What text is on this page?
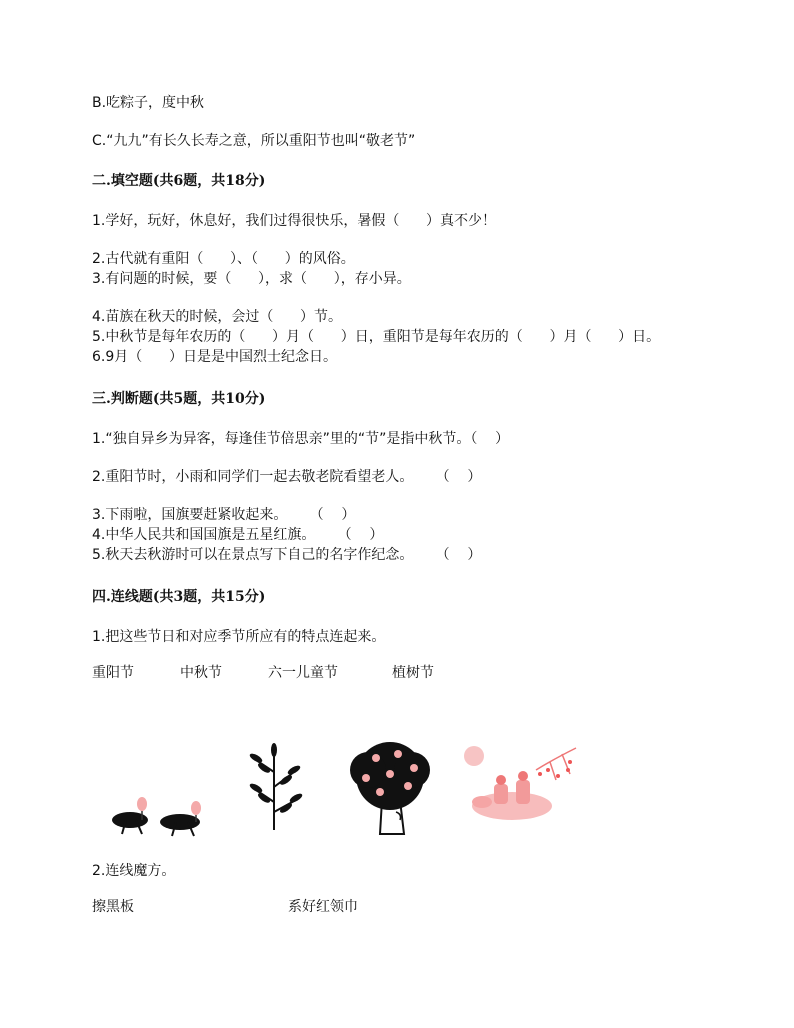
B.吃粽子，度中秋
C.“九九”有长久长寿之意，所以重阳节也叫“敬老节”
二.填空题(共6题，共18分)
1.学好，玩好，休息好，我们过得很快乐，暑假（      ）真不少！
2.古代就有重阳（      ）、（      ）的风俗。
3.有问题的时候，要（      ），求（      ），存小异。
4.苗族在秋天的时候，会过（      ）节。
5.中秋节是每年农历的（      ）月（      ）日，重阳节是每年农历的（      ）月（      ）日。
6.9月（      ）日是是中国烈士纪念日。
三.判断题(共5题，共10分)
1.“独自异乡为异客，每逢佳节倍思亲”里的“节”是指中秋节。（    ）
2.重阳节时，小雨和同学们一起去敬老院看望老人。     （    ）
3.下雨啦，国旗要赶紧收起来。     （    ）
4.中华人民共和国国旗是五星红旗。     （    ）
5.秋天去秋游时可以在景点写下自己的名字作纪念。     （    ）
四.连线题(共3题，共15分)
1.把这些节日和对应季节所应有的特点连起来。
重阳节	中秋节	六一儿童节	植树节
2.连线魔方。
擦黑板	系好红领巾
